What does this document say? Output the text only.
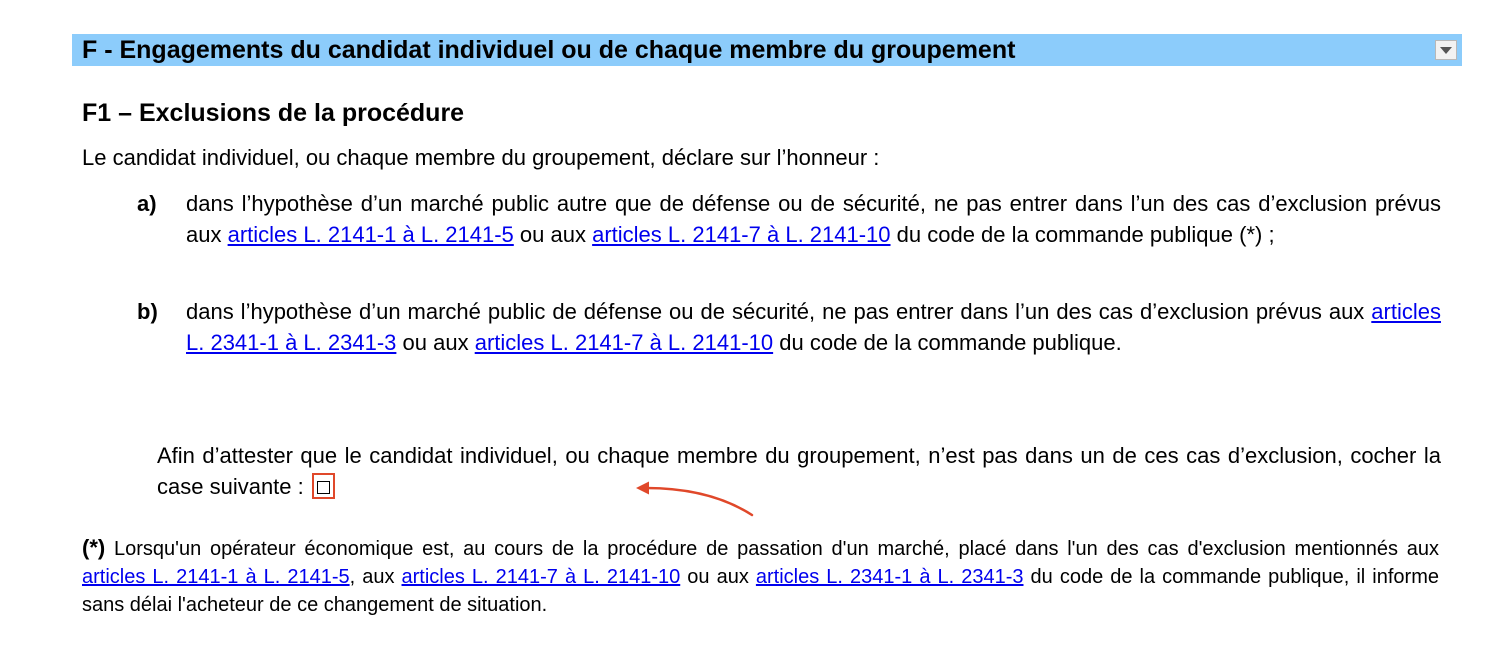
F - Engagements du candidat individuel ou de chaque membre du groupement
F1 – Exclusions de la procédure
Le candidat individuel, ou chaque membre du groupement, déclare sur l’honneur :
a) dans l’hypothèse d’un marché public autre que de défense ou de sécurité, ne pas entrer dans l’un des cas d’exclusion prévus aux articles L. 2141-1 à L. 2141-5 ou aux articles L. 2141-7 à L. 2141-10 du code de la commande publique (*) ;
b) dans l’hypothèse d’un marché public de défense ou de sécurité, ne pas entrer dans l’un des cas d’exclusion prévus aux articles L. 2341-1 à L. 2341-3 ou aux articles L. 2141-7 à L. 2141-10 du code de la commande publique.
Afin d’attester que le candidat individuel, ou chaque membre du groupement, n’est pas dans un de ces cas d’exclusion, cocher la case suivante :
(*) Lorsqu'un opérateur économique est, au cours de la procédure de passation d'un marché, placé dans l'un des cas d'exclusion mentionnés aux articles L. 2141-1 à L. 2141-5, aux articles L. 2141-7 à L. 2141-10 ou aux articles L. 2341-1 à L. 2341-3 du code de la commande publique, il informe sans délai l'acheteur de ce changement de situation.
